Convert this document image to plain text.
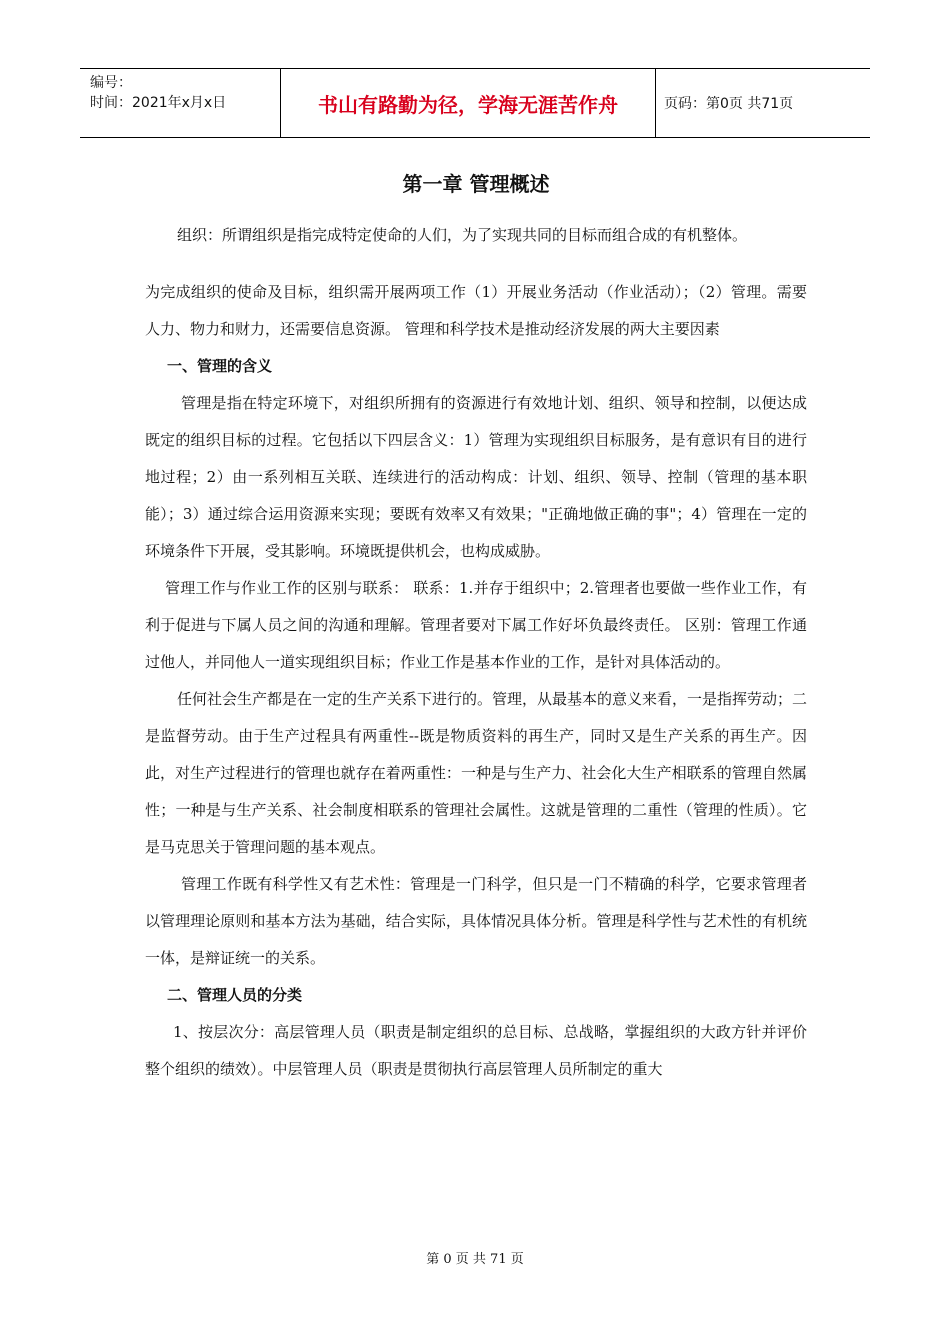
编号：
时间：2021年x月x日	书山有路勤为径，学海无涯苦作舟	页码：第0页 共71页
第一章 管理概述

组织：所谓组织是指完成特定使命的人们，为了实现共同的目标而组合成的有机整体。

为完成组织的使命及目标，组织需开展两项工作（1）开展业务活动（作业活动）；（2）管理。需要人力、物力和财力，还需要信息资源。 管理和科学技术是推动经济发展的两大主要因素

一、管理的含义

管理是指在特定环境下，对组织所拥有的资源进行有效地计划、组织、领导和控制，以便达成既定的组织目标的过程。它包括以下四层含义：1）管理为实现组织目标服务，是有意识有目的进行地过程；2）由一系列相互关联、连续进行的活动构成：计划、组织、领导、控制（管理的基本职能）；3）通过综合运用资源来实现；要既有效率又有效果；"正确地做正确的事"；4）管理在一定的环境条件下开展，受其影响。环境既提供机会，也构成威胁。

管理工作与作业工作的区别与联系： 联系：1.并存于组织中；2.管理者也要做一些作业工作，有利于促进与下属人员之间的沟通和理解。管理者要对下属工作好坏负最终责任。 区别：管理工作通过他人，并同他人一道实现组织目标；作业工作是基本作业的工作，是针对具体活动的。

任何社会生产都是在一定的生产关系下进行的。管理，从最基本的意义来看，一是指挥劳动；二是监督劳动。由于生产过程具有两重性--既是物质资料的再生产，同时又是生产关系的再生产。因此，对生产过程进行的管理也就存在着两重性：一种是与生产力、社会化大生产相联系的管理自然属性；一种是与生产关系、社会制度相联系的管理社会属性。这就是管理的二重性（管理的性质）。它是马克思关于管理问题的基本观点。

管理工作既有科学性又有艺术性：管理是一门科学，但只是一门不精确的科学，它要求管理者以管理理论原则和基本方法为基础，结合实际，具体情况具体分析。管理是科学性与艺术性的有机统一体，是辩证统一的关系。

二、管理人员的分类

1、按层次分：高层管理人员（职责是制定组织的总目标、总战略，掌握组织的大政方针并评价整个组织的绩效）。中层管理人员（职责是贯彻执行高层管理人员所制定的重大

第 0 页 共 71 页
